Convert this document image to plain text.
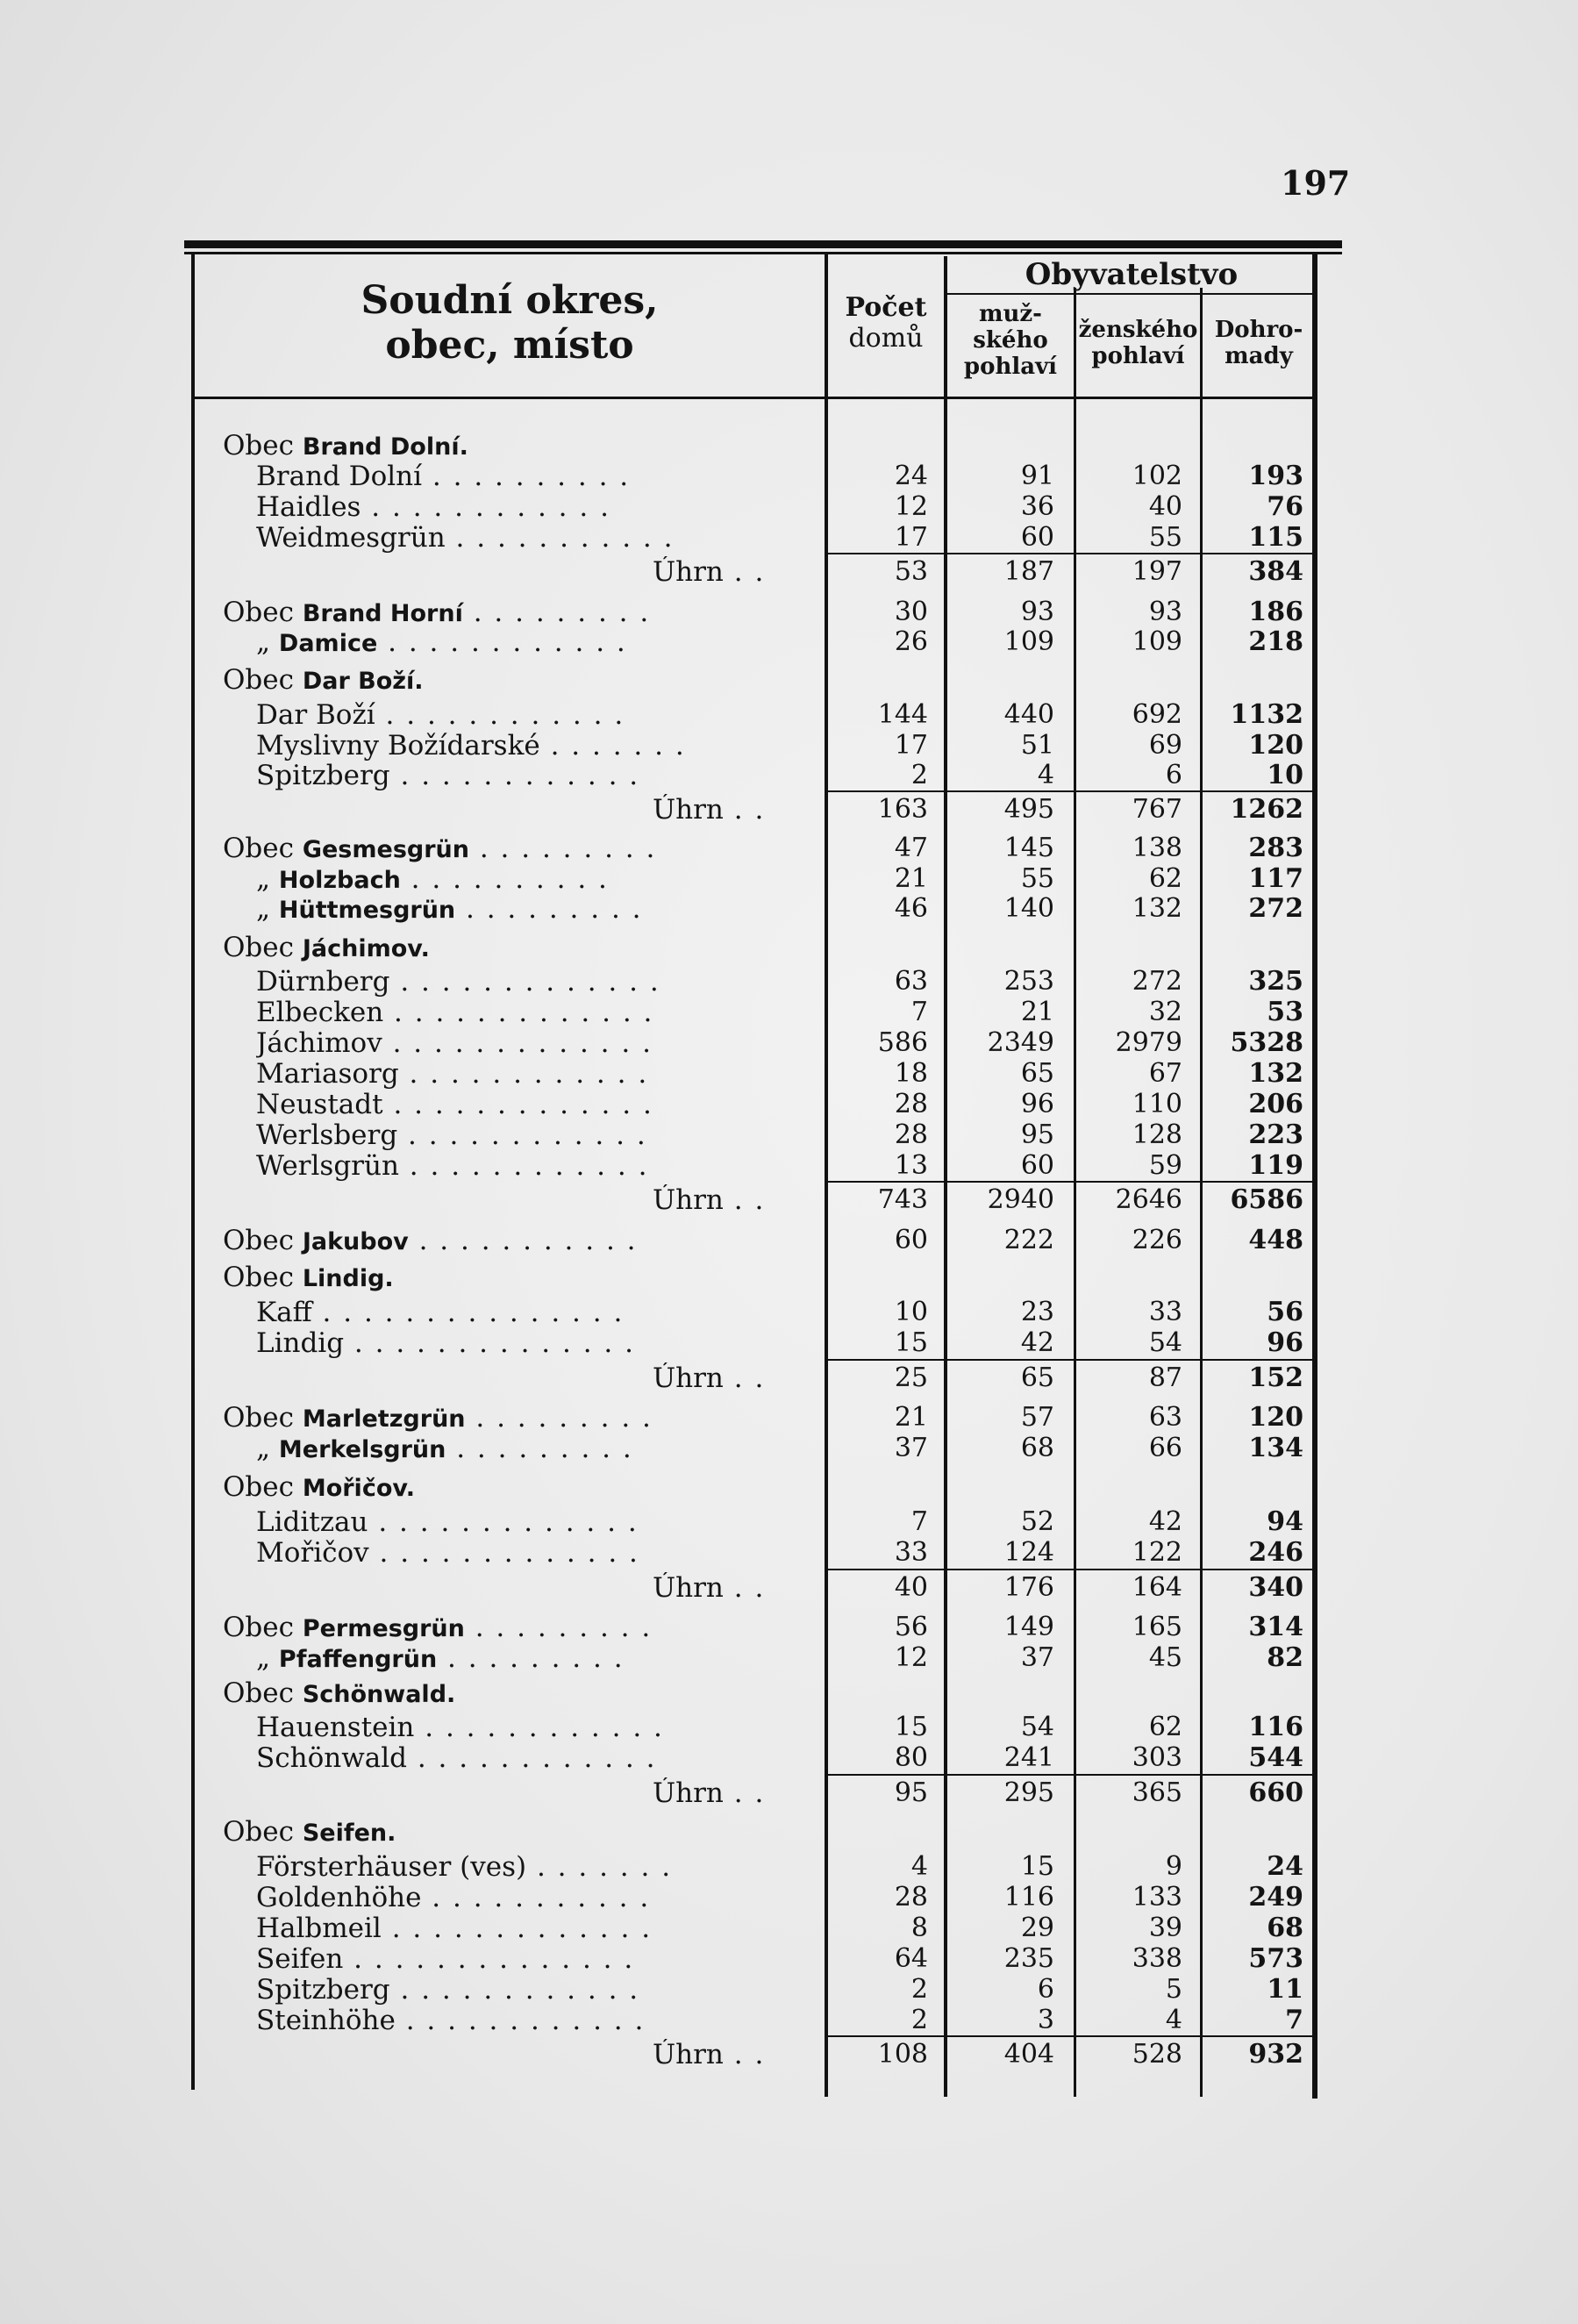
197
Soudní okres,
obec, místo
Počet
domů
Obyvatelstvo
muž-
ského
pohlaví
ženského
pohlaví
Dohro-
mady
Obec Brand Dolní.
Brand Dolní . . . . . . . . . .	24	91	102	193
Haidles . . . . . . . . . . . .	12	36	40	76
Weidmesgrün . . . . . . . . . . .	17	60	55	115
Úhrn . .	53	187	197	384
Obec Brand Horní . . . . . . . . .	30	93	93	186
„ Damice . . . . . . . . . . . .	26	109	109	218
Obec Dar Boží.
Dar Boží . . . . . . . . . . . .	144	440	692	1132
Myslivny Božídarské . . . . . . .	17	51	69	120
Spitzberg . . . . . . . . . . . .	2	4	6	10
Úhrn . .	163	495	767	1262
Obec Gesmesgrün . . . . . . . . .	47	145	138	283
„ Holzbach . . . . . . . . . .	21	55	62	117
„ Hüttmesgrün . . . . . . . . .	46	140	132	272
Obec Jáchimov.
Dürnberg . . . . . . . . . . . . .	63	253	272	325
Elbecken . . . . . . . . . . . . .	7	21	32	53
Jáchimov . . . . . . . . . . . . .	586	2349	2979	5328
Mariasorg . . . . . . . . . . . .	18	65	67	132
Neustadt . . . . . . . . . . . . .	28	96	110	206
Werlsberg . . . . . . . . . . . .	28	95	128	223
Werlsgrün . . . . . . . . . . . .	13	60	59	119
Úhrn . .	743	2940	2646	6586
Obec Jakubov . . . . . . . . . . .	60	222	226	448
Obec Lindig.
Kaff . . . . . . . . . . . . . . .	10	23	33	56
Lindig . . . . . . . . . . . . . .	15	42	54	96
Úhrn . .	25	65	87	152
Obec Marletzgrün . . . . . . . . .	21	57	63	120
„ Merkelsgrün . . . . . . . . .	37	68	66	134
Obec Mořičov.
Liditzau . . . . . . . . . . . . .	7	52	42	94
Mořičov . . . . . . . . . . . . .	33	124	122	246
Úhrn . .	40	176	164	340
Obec Permesgrün . . . . . . . . .	56	149	165	314
„ Pfaffengrün . . . . . . . . .	12	37	45	82
Obec Schönwald.
Hauenstein . . . . . . . . . . . .	15	54	62	116
Schönwald . . . . . . . . . . . .	80	241	303	544
Úhrn . .	95	295	365	660
Obec Seifen.
Försterhäuser (ves) . . . . . . .	4	15	9	24
Goldenhöhe . . . . . . . . . . .	28	116	133	249
Halbmeil . . . . . . . . . . . . .	8	29	39	68
Seifen . . . . . . . . . . . . . .	64	235	338	573
Spitzberg . . . . . . . . . . . .	2	6	5	11
Steinhöhe . . . . . . . . . . . .	2	3	4	7
Úhrn . .	108	404	528	932
